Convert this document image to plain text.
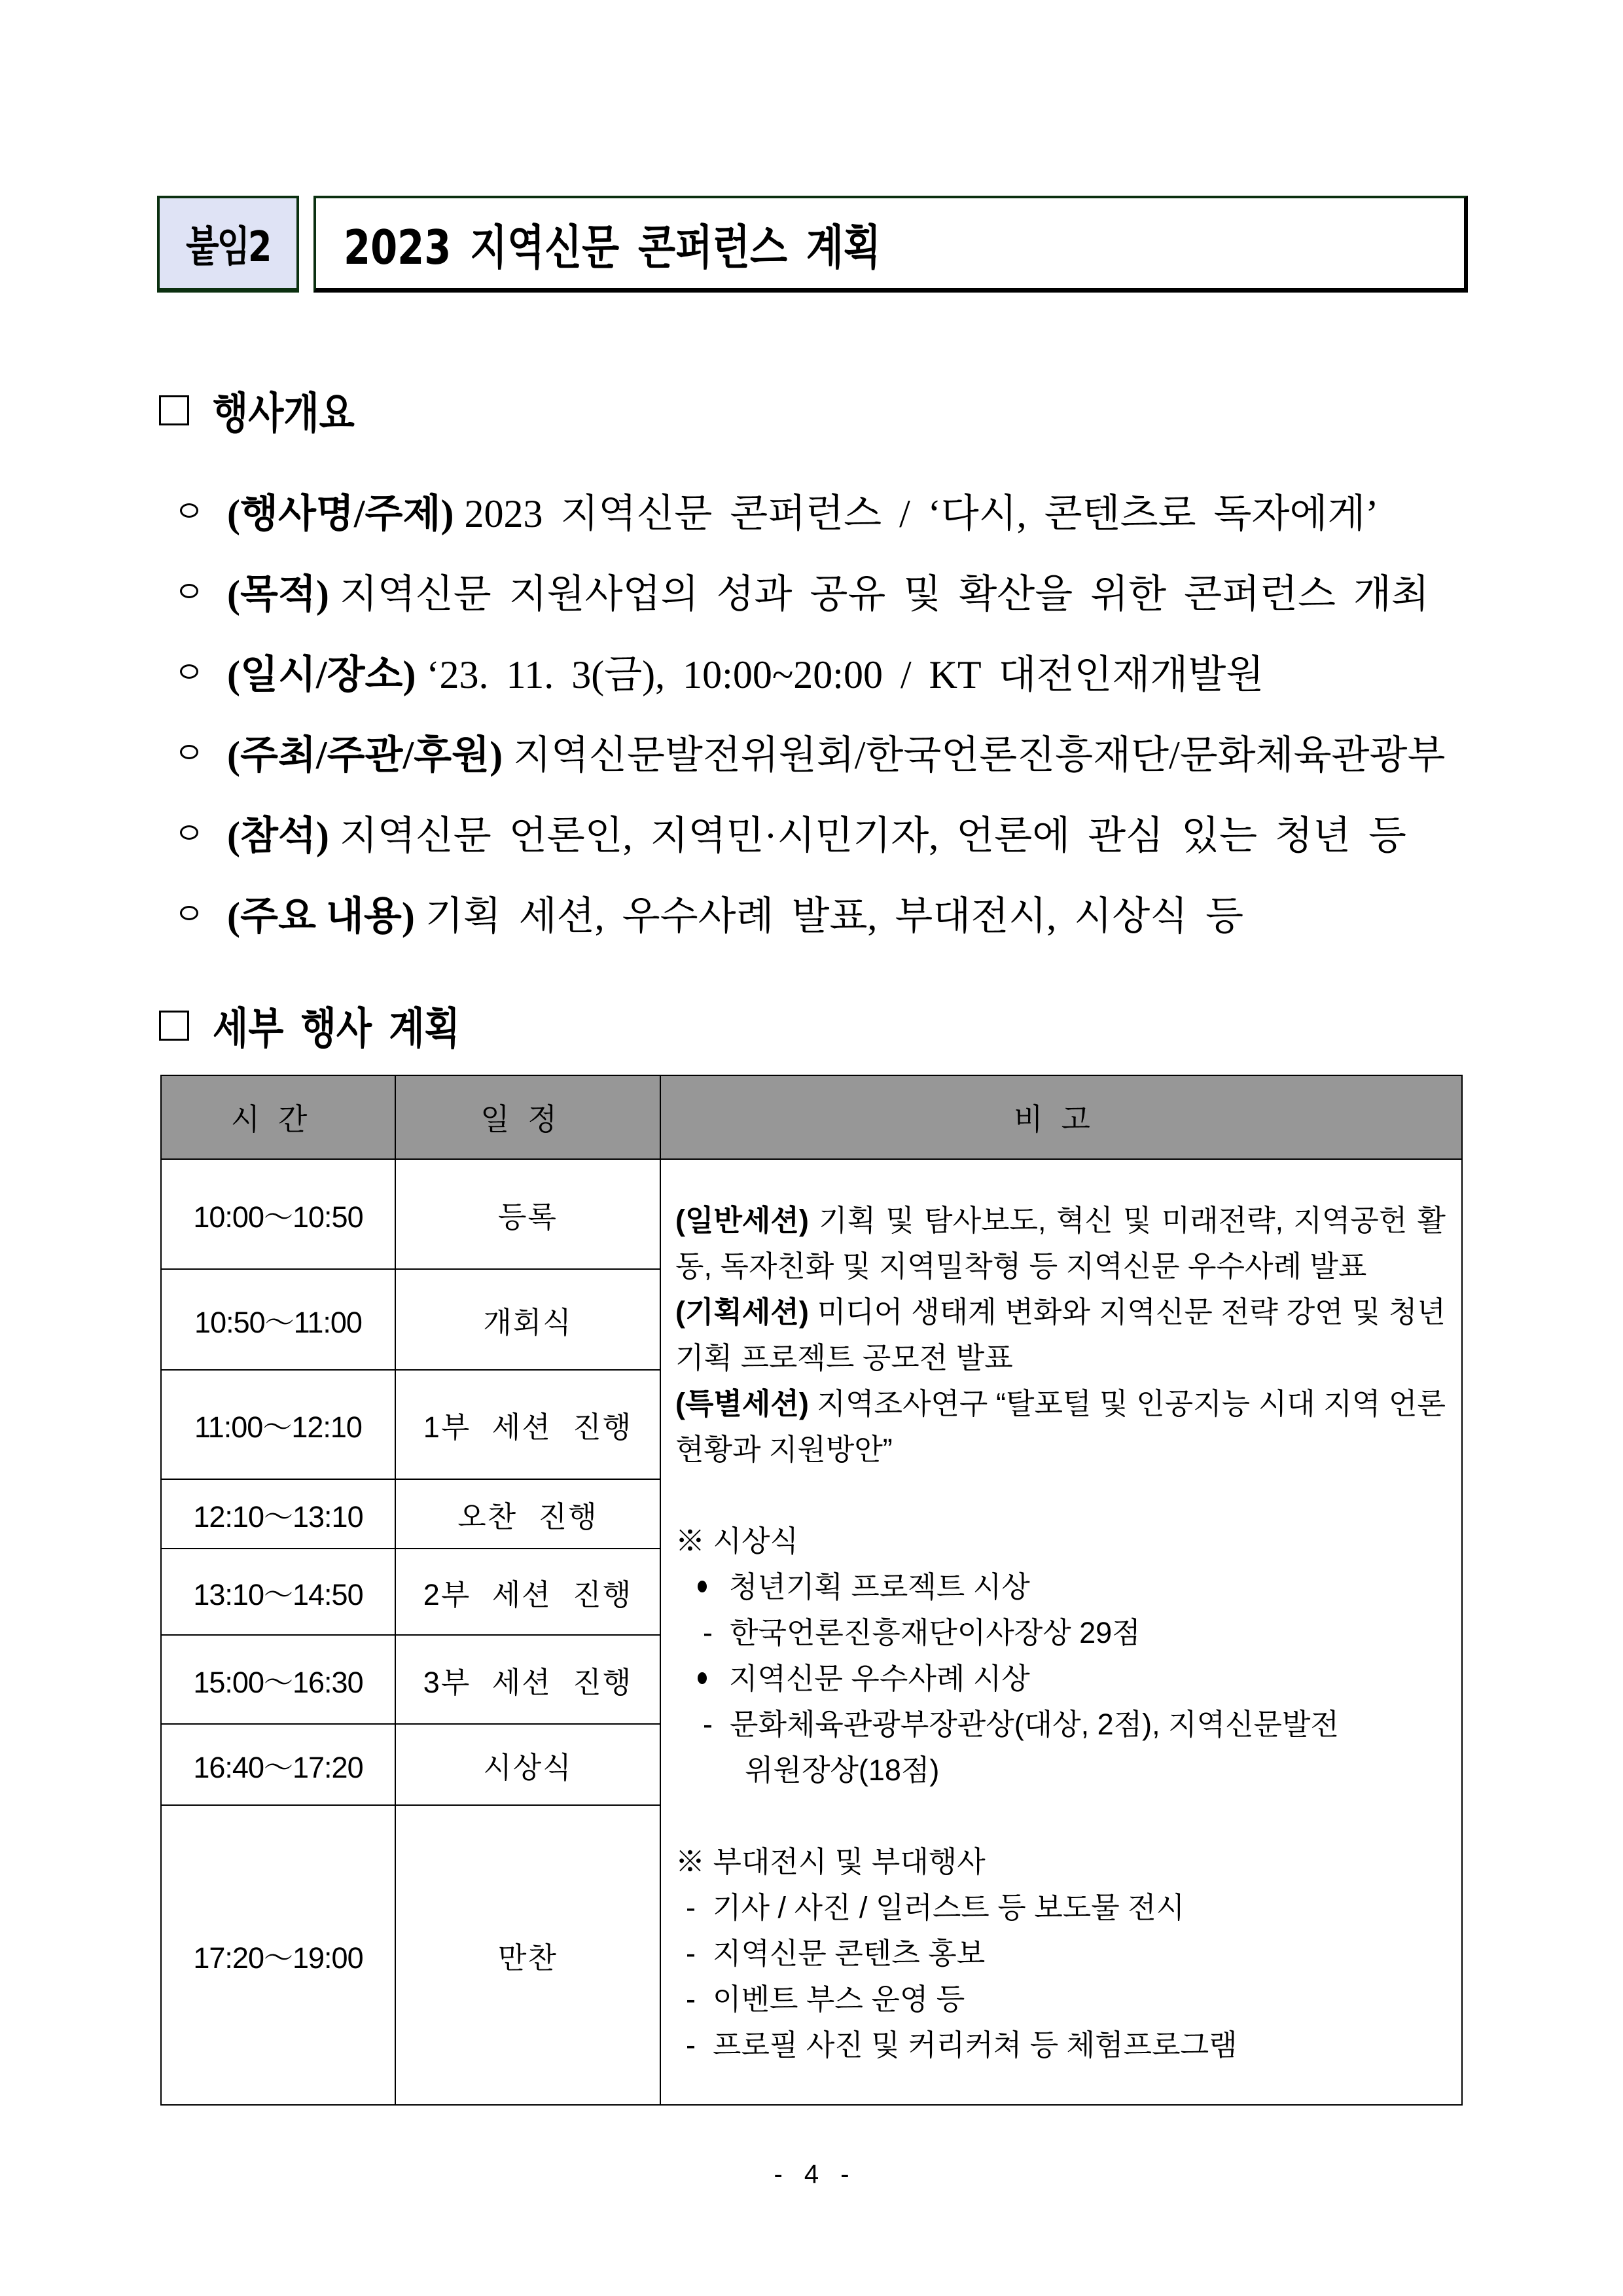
붙임2 2023 지역신문 콘퍼런스 계획
행사개요
(행사명/주제) 2023 지역신문 콘퍼런스 / ‘다시, 콘텐츠로 독자에게’
(목적) 지역신문 지원사업의 성과 공유 및 확산을 위한 콘퍼런스 개최
(일시/장소) ‘23. 11. 3(금), 10:00~20:00 / KT 대전인재개발원
(주최/주관/후원) 지역신문발전위원회/한국언론진흥재단/문화체육관광부
(참석) 지역신문 언론인, 지역민·시민기자, 언론에 관심 있는 청년 등
(주요 내용) 기획 세션, 우수사례 발표, 부대전시, 시상식 등
세부 행사 계획
시간	일정	비고
10:00～10:50	등록	(일반세션) 기획 및 탐사보도, 혁신 및 미래전략, 지역공헌 활동, 독자친화 및 지역밀착형 등 지역신문 우수사례 발표
(기획세션) 미디어 생태계 변화와 지역신문 전략 강연 및 청년기획 프로젝트 공모전 발표
(특별세션) 지역조사연구 “탈포털 및 인공지능 시대 지역 언론 현황과 지원방안”
※ 시상식
청년기획 프로젝트 시상
- 한국언론진흥재단이사장상 29점
지역신문 우수사례 시상
- 문화체육관광부장관상(대상, 2점), 지역신문발전
위원장상(18점)
※ 부대전시 및 부대행사
- 기사 / 사진 / 일러스트 등 보도물 전시
- 지역신문 콘텐츠 홍보
- 이벤트 부스 운영 등
- 프로필 사진 및 커리커쳐 등 체험프로그램

10:50～11:00	개회식	
11:00～12:10	1부 세션 진행	
12:10～13:10	오찬 진행	
13:10～14:50	2부 세션 진행	
15:00～16:30	3부 세션 진행	
16:40～17:20	시상식	
17:20～19:00	만찬	
- 4 -
